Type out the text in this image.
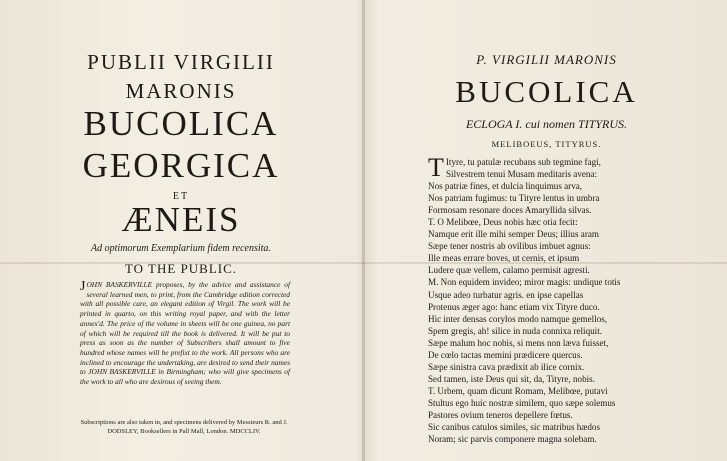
PUBLII VIRGILII
MARONIS
BUCOLICA
GEORGICA
ET
ÆNEIS
Ad optimorum Exemplarium fidem recensita.
TO THE PUBLIC.
JOHN BASKERVILLE proposes, by the advice and assistance of several learned men, to print, from the Cambridge edition corrected with all possible care, an elegant edition of Virgil. The work will be printed in quarto, on this writing royal paper, and with the letter annex'd. The price of the volume in sheets will be one guinea, no part of which will be required till the book is delivered. It will be put to press as soon as the number of Subscribers shall amount to five hundred whose names will be prefixt to the work. All persons who are inclined to encourage the undertaking, are desired to send their names to JOHN BASKERVILLE in Birmingham; who will give specimens of the work to all who are desirous of seeing them.
Subscriptions are also taken in, and specimens delivered by Messieurs R. and J. DODSLEY, Booksellers in Pall Mall, London. MDCCLIV.
P. VIRGILII MARONIS
BUCOLICA
ECLOGA I. cui nomen TITYRUS.
MELIBOEUS, TITYRUS.
T Ityre, tu patulæ recubans sub tegmine fagi,
Silvestrem tenui Musam meditaris avena:
Nos patriæ fines, et dulcia linquimus arva,
Nos patriam fugimus: tu Tityre lentus in umbra
Formosam resonare doces Amaryllida silvas.
T. O Melibœe, Deus nobis hæc otia fecit:
Namque erit ille mihi semper Deus; illius aram
Sæpe tener nostris ab ovilibus imbuet agnus:
Ille meas errare boves, ut cernis, et ipsum
Ludere quæ vellem, calamo permisit agresti.
M. Non equidem invideo; miror magis: undique totis
Usque adeo turbatur agris. en ipse capellas
Protenus æger ago: hanc etiam vix Tityre duco.
Hic inter densas corylos modo namque gemellos,
Spem gregis, ah! silice in nuda connixa reliquit.
Sæpe malum hoc nobis, si mens non læva fuisset,
De cœlo tactas memini prædicere quercus.
Sæpe sinistra cava prædixit ab ilice cornix.
Sed tamen, iste Deus qui sit, da, Tityre, nobis.
T. Urbem, quam dicunt Romam, Melibœe, putavi
Stultus ego huic nostræ similem, quo sæpe solemus
Pastores ovium teneros depellere fœtus.
Sic canibus catulos similes, sic matribus hædos
Noram; sic parvis componere magna solebam.
